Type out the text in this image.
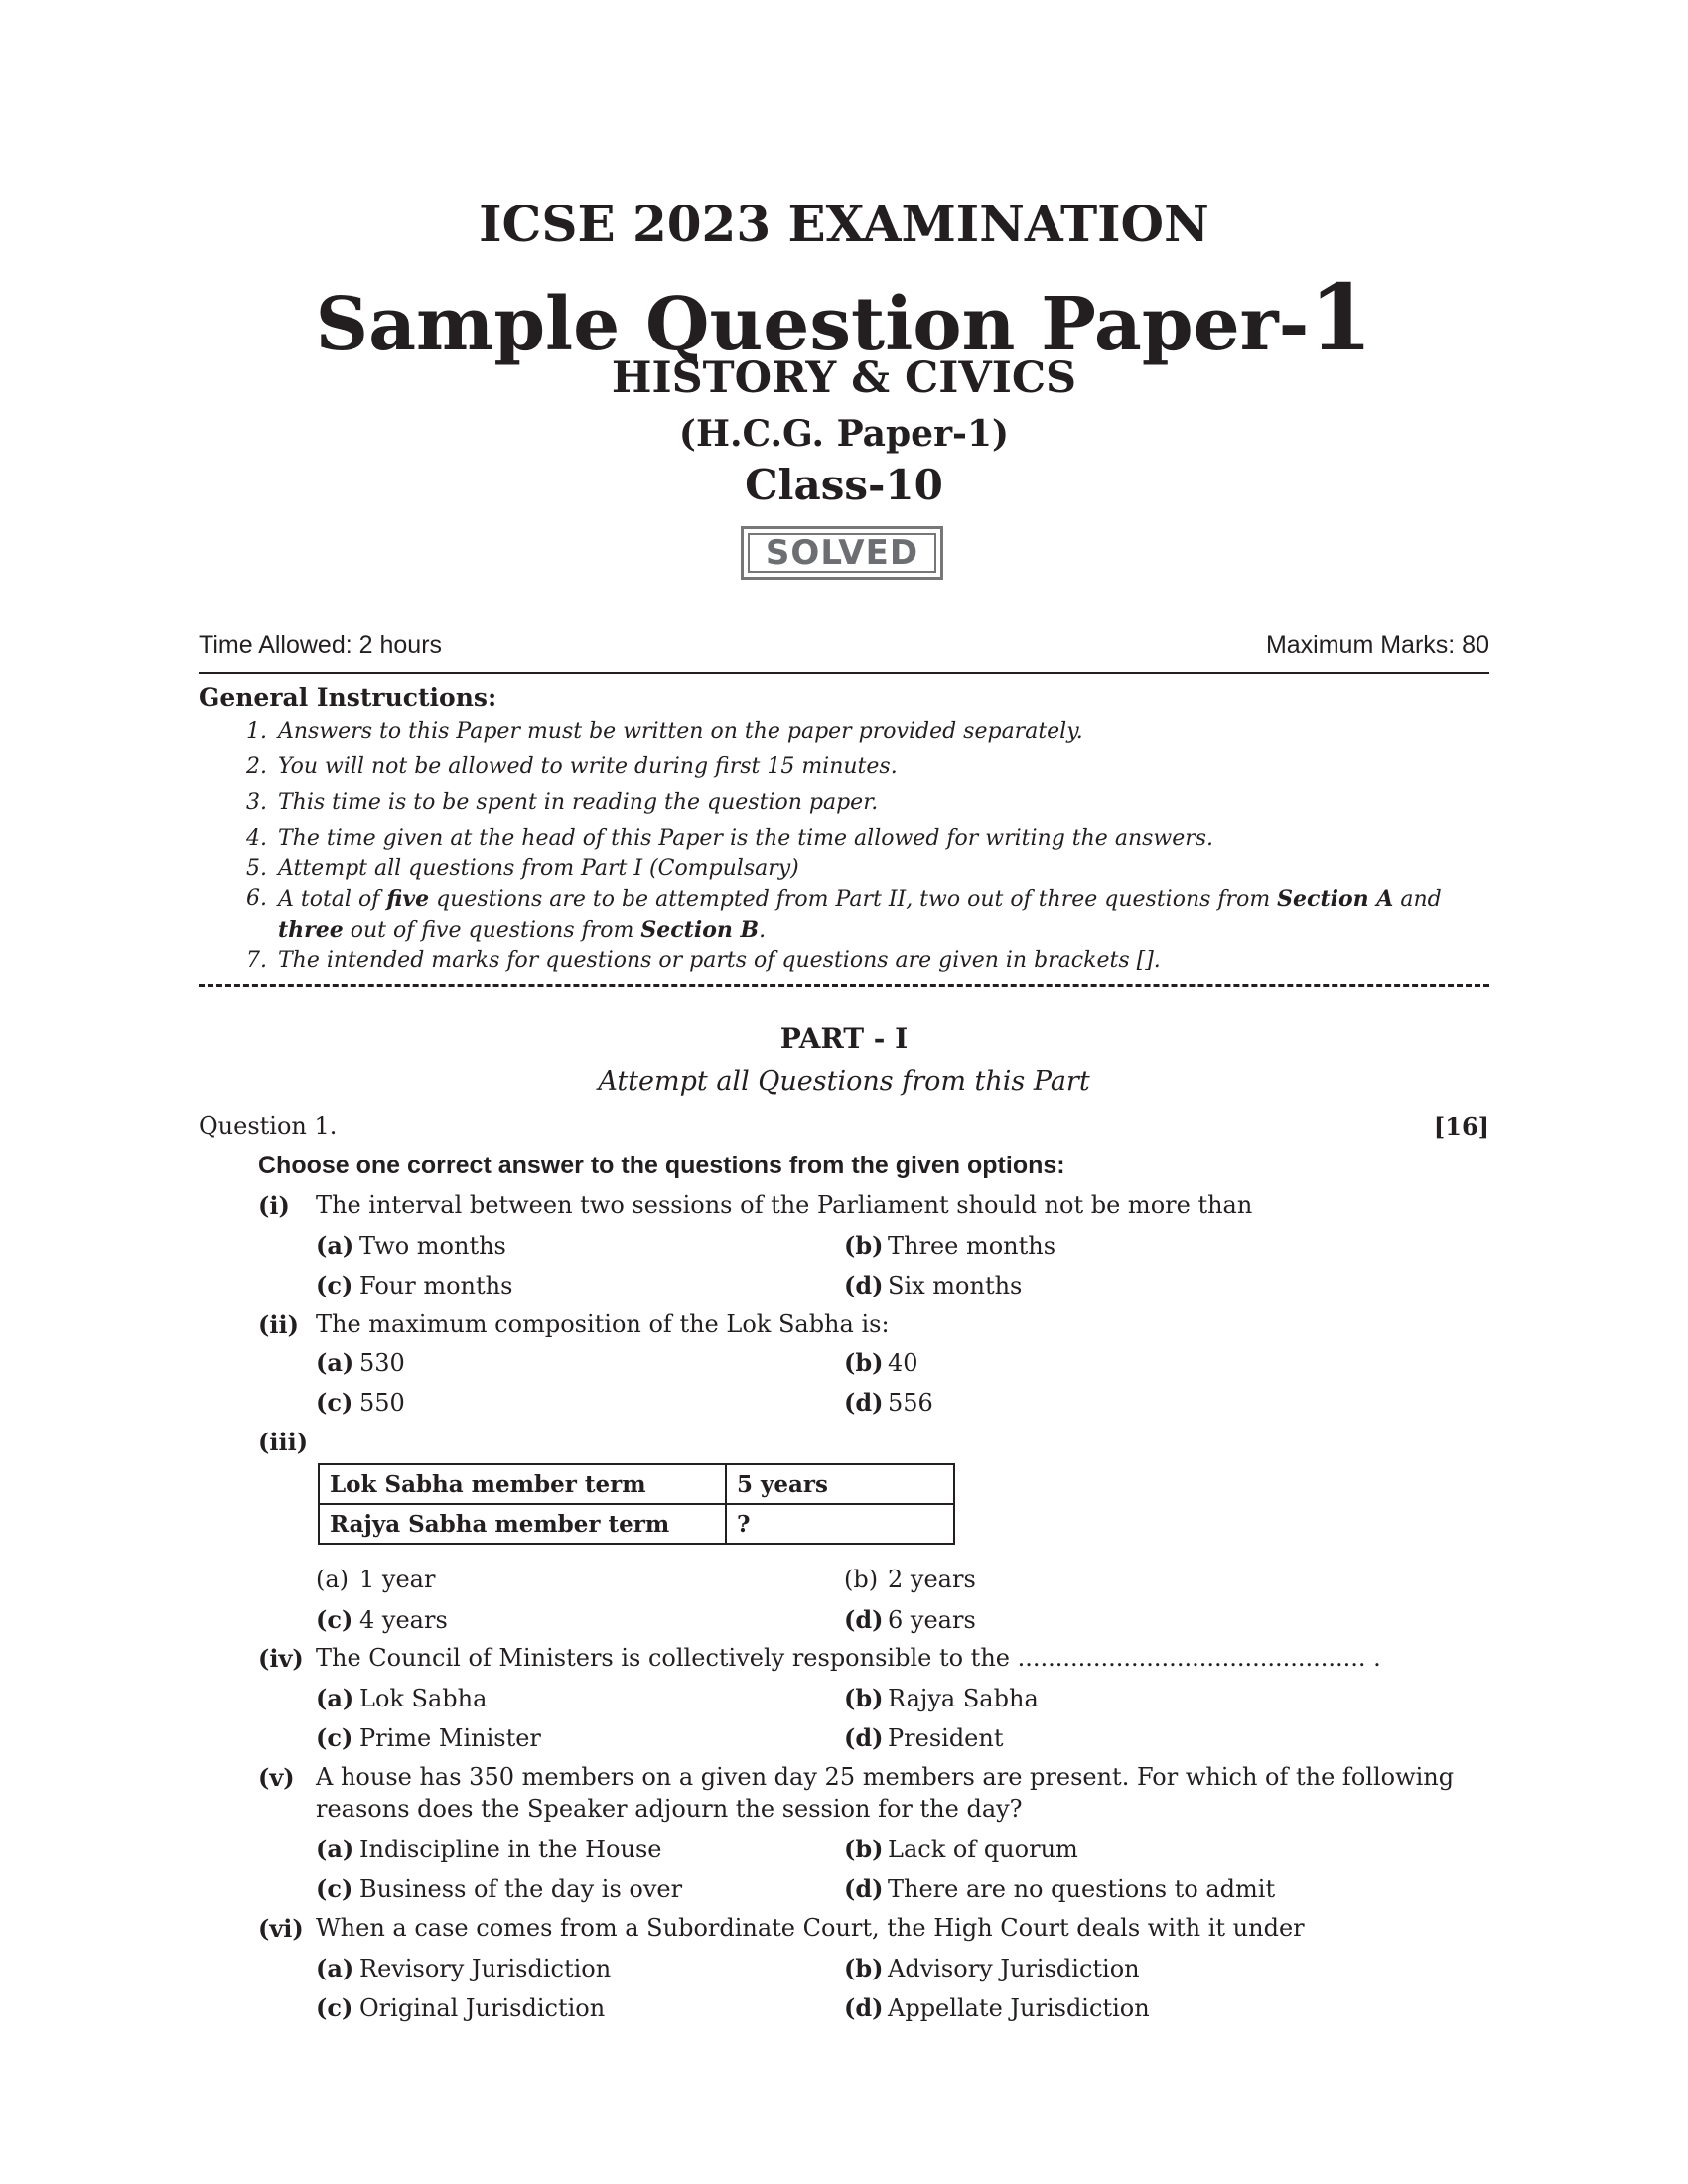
ICSE 2023 EXAMINATION
Sample Question Paper-1
HISTORY & CIVICS
(H.C.G. Paper-1)
Class-10
SOLVED
Time Allowed: 2 hours	Maximum Marks: 80
General Instructions:
1. Answers to this Paper must be written on the paper provided separately.
2. You will not be allowed to write during first 15 minutes.
3. This time is to be spent in reading the question paper.
4. The time given at the head of this Paper is the time allowed for writing the answers.
5. Attempt all questions from Part I (Compulsary)
6. A total of five questions are to be attempted from Part II, two out of three questions from Section A and three out of five questions from Section B.
7. The intended marks for questions or parts of questions are given in brackets [].
PART - I
Attempt all Questions from this Part
Question 1.	[16]
Choose one correct answer to the questions from the given options:
(i) The interval between two sessions of the Parliament should not be more than
(a) Two months	(b) Three months
(c) Four months	(d) Six months
(ii) The maximum composition of the Lok Sabha is:
(a) 530	(b) 40
(c) 550	(d) 556
(iii)
Lok Sabha member term	5 years
Rajya Sabha member term	?
(a) 1 year	(b) 2 years
(c) 4 years	(d) 6 years
(iv) The Council of Ministers is collectively responsible to the .............................................. .
(a) Lok Sabha	(b) Rajya Sabha
(c) Prime Minister	(d) President
(v) A house has 350 members on a given day 25 members are present. For which of the following reasons does the Speaker adjourn the session for the day?
(a) Indiscipline in the House	(b) Lack of quorum
(c) Business of the day is over	(d) There are no questions to admit
(vi) When a case comes from a Subordinate Court, the High Court deals with it under
(a) Revisory Jurisdiction	(b) Advisory Jurisdiction
(c) Original Jurisdiction	(d) Appellate Jurisdiction
